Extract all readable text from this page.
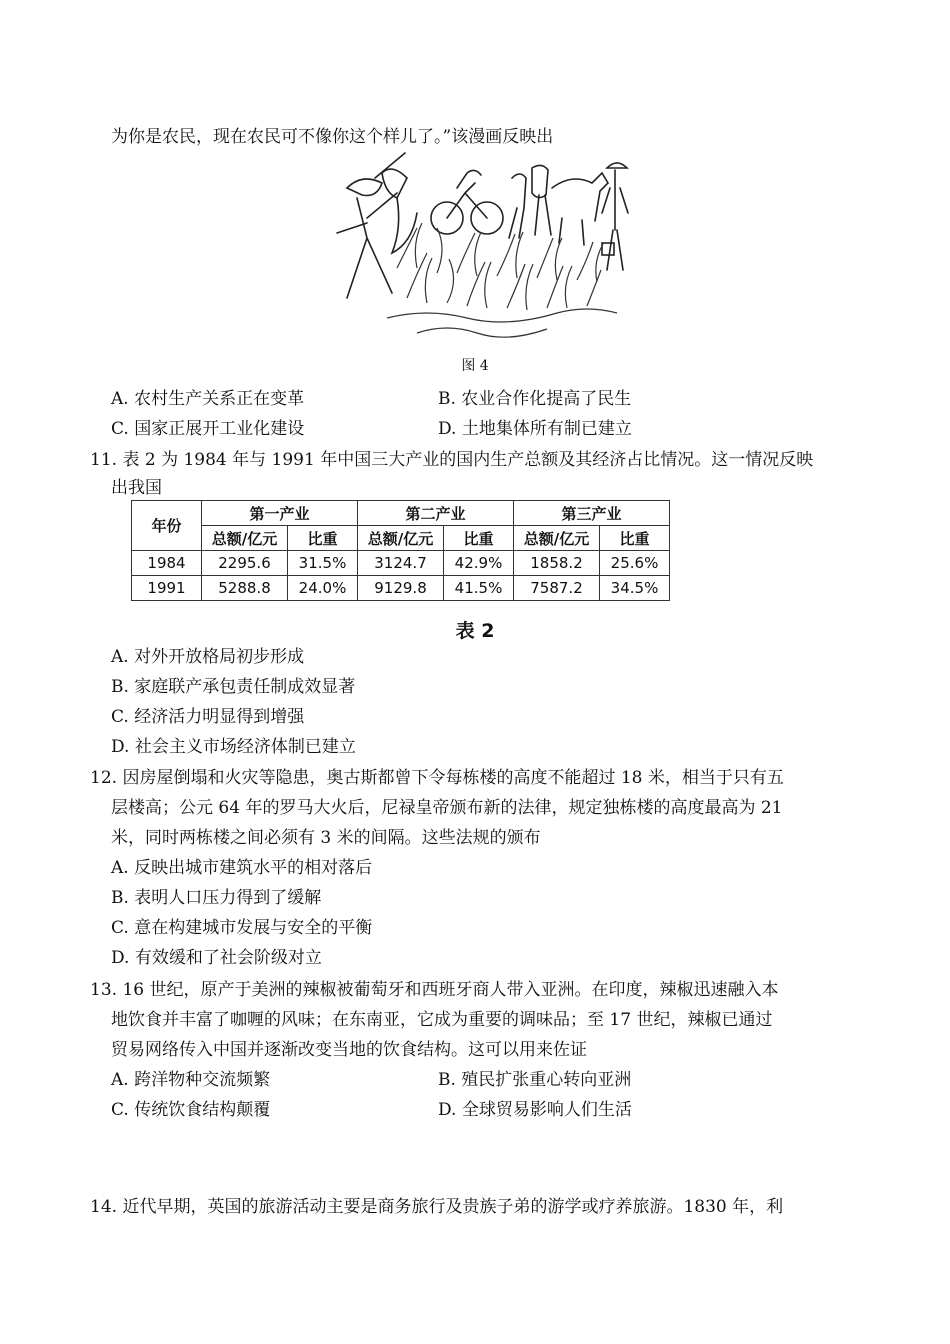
为你是农民，现在农民可不像你这个样儿了。”该漫画反映出
图 4
A. 农村生产关系正在变革	B. 农业合作化提高了民生
C. 国家正展开工业化建设	D. 土地集体所有制已建立
11. 表 2 为 1984 年与 1991 年中国三大产业的国内生产总额及其经济占比情况。这一情况反映
出我国
年份	第一产业		第二产业		第三产业	
	总额/亿元	比重	总额/亿元	比重	总额/亿元	比重
1984	2295.6	31.5%	3124.7	42.9%	1858.2	25.6%
1991	5288.8	24.0%	9129.8	41.5%	7587.2	34.5%
表 2
A. 对外开放格局初步形成
B. 家庭联产承包责任制成效显著
C. 经济活力明显得到增强
D. 社会主义市场经济体制已建立
12. 因房屋倒塌和火灾等隐患，奥古斯都曾下令每栋楼的高度不能超过 18 米，相当于只有五
层楼高；公元 64 年的罗马大火后，尼禄皇帝颁布新的法律，规定独栋楼的高度最高为 21
米，同时两栋楼之间必须有 3 米的间隔。这些法规的颁布
A. 反映出城市建筑水平的相对落后
B. 表明人口压力得到了缓解
C. 意在构建城市发展与安全的平衡
D. 有效缓和了社会阶级对立
13. 16 世纪，原产于美洲的辣椒被葡萄牙和西班牙商人带入亚洲。在印度，辣椒迅速融入本
地饮食并丰富了咖喱的风味；在东南亚，它成为重要的调味品；至 17 世纪，辣椒已通过
贸易网络传入中国并逐渐改变当地的饮食结构。这可以用来佐证
A. 跨洋物种交流频繁	B. 殖民扩张重心转向亚洲
C. 传统饮食结构颠覆	D. 全球贸易影响人们生活
14. 近代早期，英国的旅游活动主要是商务旅行及贵族子弟的游学或疗养旅游。1830 年，利
